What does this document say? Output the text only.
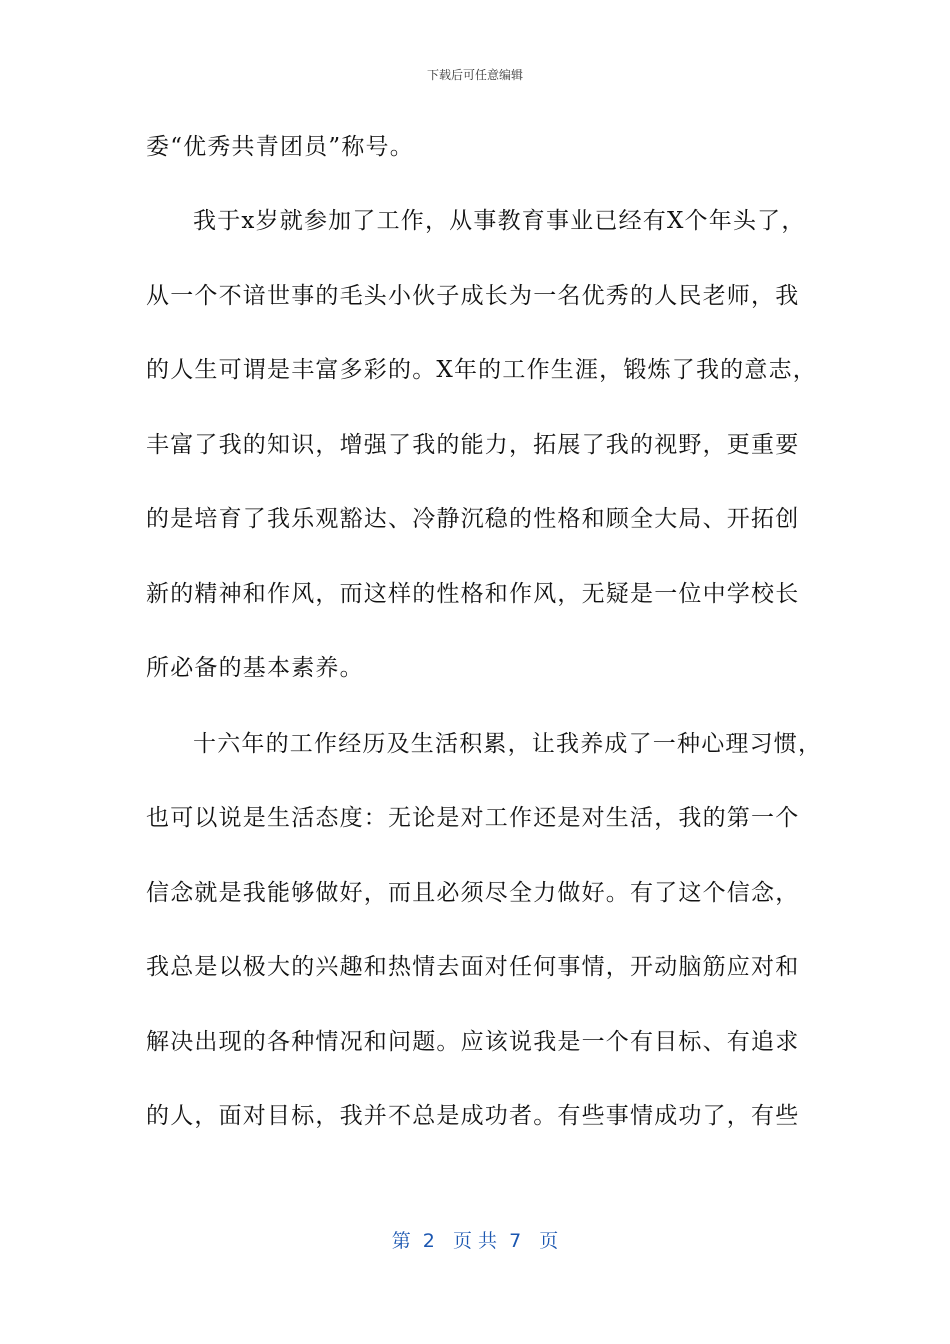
下载后可任意编辑
委“优秀共青团员”称号。
我于x岁就参加了工作，从事教育事业已经有X个年头了，
从一个不谙世事的毛头小伙子成长为一名优秀的人民老师，我
的人生可谓是丰富多彩的。X年的工作生涯，锻炼了我的意志，
丰富了我的知识，增强了我的能力，拓展了我的视野，更重要
的是培育了我乐观豁达、冷静沉稳的性格和顾全大局、开拓创
新的精神和作风，而这样的性格和作风，无疑是一位中学校长
所必备的基本素养。
十六年的工作经历及生活积累，让我养成了一种心理习惯，
也可以说是生活态度：无论是对工作还是对生活，我的第一个
信念就是我能够做好，而且必须尽全力做好。有了这个信念，
我总是以极大的兴趣和热情去面对任何事情，开动脑筋应对和
解决出现的各种情况和问题。应该说我是一个有目标、有追求
的人，面对目标，我并不总是成功者。有些事情成功了，有些
第  2   页 共  7   页
